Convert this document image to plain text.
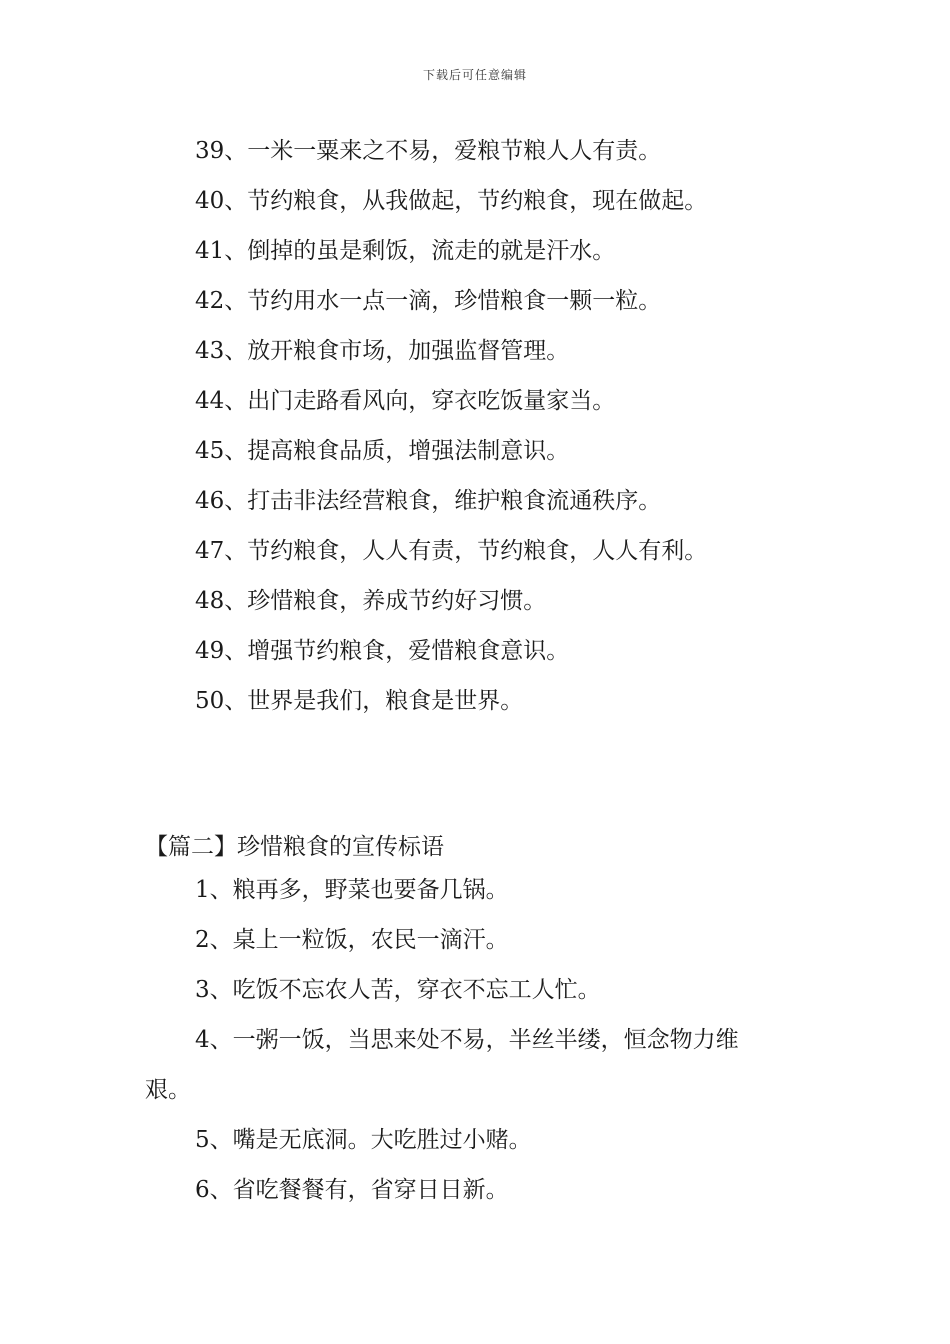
下载后可任意编辑
39、一米一粟来之不易，爱粮节粮人人有责。
40、节约粮食，从我做起，节约粮食，现在做起。
41、倒掉的虽是剩饭，流走的就是汗水。
42、节约用水一点一滴，珍惜粮食一颗一粒。
43、放开粮食市场，加强监督管理。
44、出门走路看风向，穿衣吃饭量家当。
45、提高粮食品质，增强法制意识。
46、打击非法经营粮食，维护粮食流通秩序。
47、节约粮食，人人有责，节约粮食，人人有利。
48、珍惜粮食，养成节约好习惯。
49、增强节约粮食，爱惜粮食意识。
50、世界是我们，粮食是世界。
【篇二】珍惜粮食的宣传标语
1、粮再多，野菜也要备几锅。
2、桌上一粒饭，农民一滴汗。
3、吃饭不忘农人苦，穿衣不忘工人忙。
4、一粥一饭，当思来处不易，半丝半缕，恒念物力维
艰。
5、嘴是无底洞。大吃胜过小赌。
6、省吃餐餐有，省穿日日新。
